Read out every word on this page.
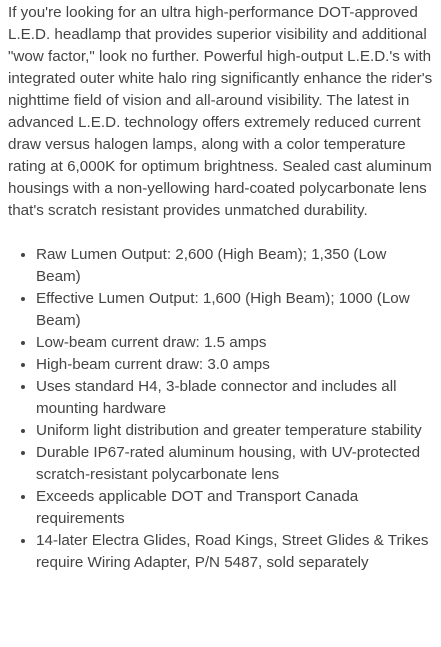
If you're looking for an ultra high-performance DOT-approved L.E.D. headlamp that provides superior visibility and additional "wow factor," look no further. Powerful high-output L.E.D.'s with integrated outer white halo ring significantly enhance the rider's nighttime field of vision and all-around visibility. The latest in advanced L.E.D. technology offers extremely reduced current draw versus halogen lamps, along with a color temperature rating at 6,000K for optimum brightness. Sealed cast aluminum housings with a non-yellowing hard-coated polycarbonate lens that's scratch resistant provides unmatched durability.

• Raw Lumen Output: 2,600 (High Beam); 1,350 (Low Beam)
• Effective Lumen Output: 1,600 (High Beam); 1000 (Low Beam)
• Low-beam current draw: 1.5 amps
• High-beam current draw: 3.0 amps
• Uses standard H4, 3-blade connector and includes all mounting hardware
• Uniform light distribution and greater temperature stability
• Durable IP67-rated aluminum housing, with UV-protected scratch-resistant polycarbonate lens
• Exceeds applicable DOT and Transport Canada requirements
• 14-later Electra Glides, Road Kings, Street Glides & Trikes require Wiring Adapter, P/N 5487, sold separately
